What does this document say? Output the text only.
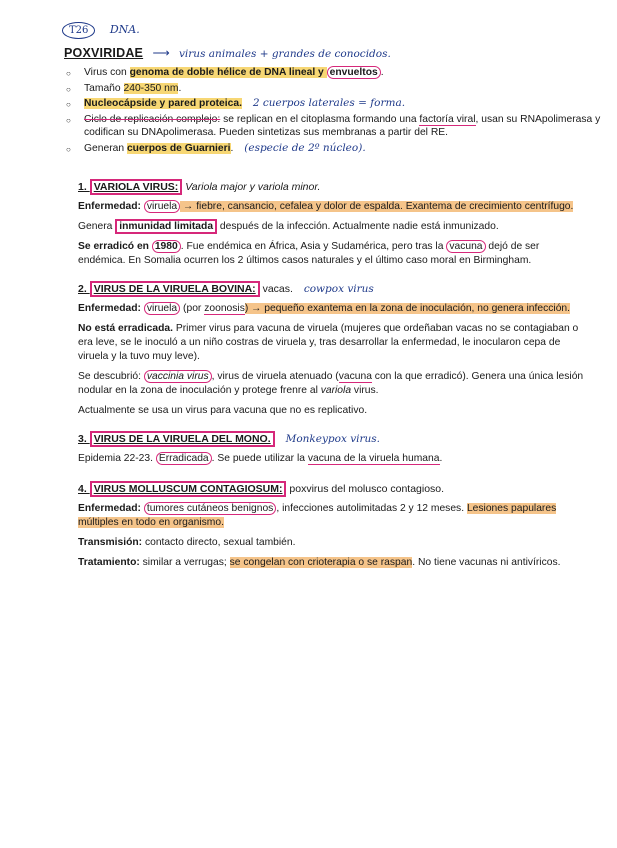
T26 DNA.
POXVIRIDAE ⟶ virus animales + grandes de conocidos.
○ Virus con genoma de doble hélice de DNA lineal y envueltos .
○ Tamaño 240-350 nm.
○ Nucleocápside y pared proteica. 2 cuerpos laterales = forma.
○ Ciclo de replicación complejo: se replican en el citoplasma formando una factoría viral, usan su RNApolimerasa y codifican su DNApolimerasa. Pueden sintetizas sus membranas a partir del RE.
○ Generan cuerpos de Guarnieri. (especie de 2º núcleo).

1. VARIOLA VIRUS: Variola major y variola minor.

Enfermedad: viruela → fiebre, cansancio, cefalea y dolor de espalda. Exantema de crecimiento centrífugo.

Genera inmunidad limitada después de la infección. Actualmente nadie está inmunizado.

Se erradicó en 1980 . Fue endémica en África, Asia y Sudamérica, pero tras la vacuna dejó de ser endémica. En Somalia ocurren los 2 últimos casos naturales y el último caso moral en Birmingham.

2. VIRUS DE LA VIRUELA BOVINA: vacas. cowpox virus

Enfermedad: viruela (por zoonosis) → pequeño exantema en la zona de inoculación, no genera infección.

No está erradicada. Primer virus para vacuna de viruela (mujeres que ordeñaban vacas no se contagiaban o era leve, se le inoculó a un niño costras de viruela y, tras desarrollar la enfermedad, le inocularon cepa de viruela y la tuvo muy leve).

Se descubrió: vaccinia virus , virus de viruela atenuado (vacuna con la que erradicó). Genera una única lesión nodular en la zona de inoculación y protege frenre al variola virus.

Actualmente se usa un virus para vacuna que no es replicativo.

3. VIRUS DE LA VIRUELA DEL MONO. Monkeypox virus.

Epidemia 22-23. Erradicada . Se puede utilizar la vacuna de la viruela humana.

4. VIRUS MOLLUSCUM CONTAGIOSUM: poxvirus del molusco contagioso.

Enfermedad: tumores cutáneos benignos , infecciones autolimitadas 2 y 12 meses. Lesiones papulares múltiples en todo en organismo.

Transmisión: contacto directo, sexual también.

Tratamiento: similar a verrugas; se congelan con crioterapia o se raspan. No tiene vacunas ni antivíricos.
